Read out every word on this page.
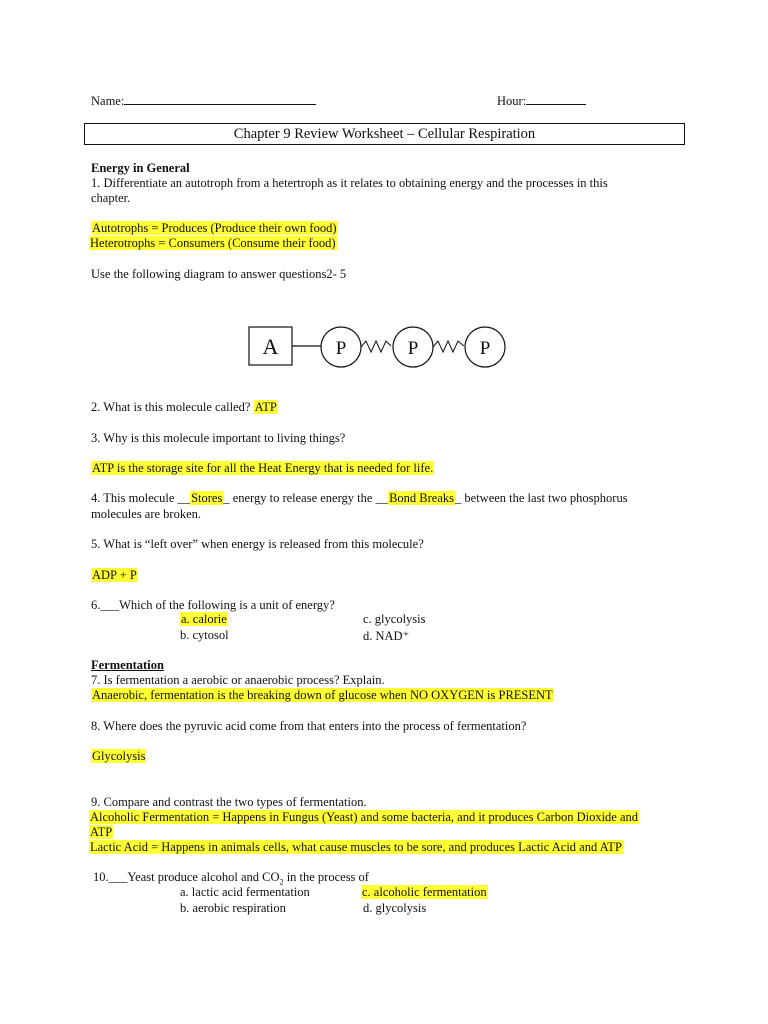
Name:	Hour:
Chapter 9 Review Worksheet – Cellular Respiration
Energy in General
1. Differentiate an autotroph from a hetertroph as it relates to obtaining energy and the processes in this
chapter.
Autotrophs = Produces (Produce their own food)
Heterotrophs = Consumers (Consume their food)
Use the following diagram to answer questions2- 5
A	P	P	P
2. What is this molecule called? ATP
3. Why is this molecule important to living things?
ATP is the storage site for all the Heat Energy that is needed for life.
4. This molecule __Stores_ energy to release energy the __Bond Breaks_ between the last two phosphorus
molecules are broken.
5. What is “left over” when energy is released from this molecule?
ADP + P
6.___Which of the following is a unit of energy?
a. calorie
b. cytosol
c. glycolysis
d. NAD⁺
Fermentation
7. Is fermentation a aerobic or anaerobic process? Explain.
Anaerobic, fermentation is the breaking down of glucose when NO OXYGEN is PRESENT
8. Where does the pyruvic acid come from that enters into the process of fermentation?
Glycolysis
9. Compare and contrast the two types of fermentation.
Alcoholic Fermentation = Happens in Fungus (Yeast) and some bacteria, and it produces Carbon Dioxide and
ATP
Lactic Acid = Happens in animals cells, what cause muscles to be sore, and produces Lactic Acid and ATP
10.___Yeast produce alcohol and $CO_2$ in the process of
a. lactic acid fermentation
b. aerobic respiration
c. alcoholic fermentation
d. glycolysis
